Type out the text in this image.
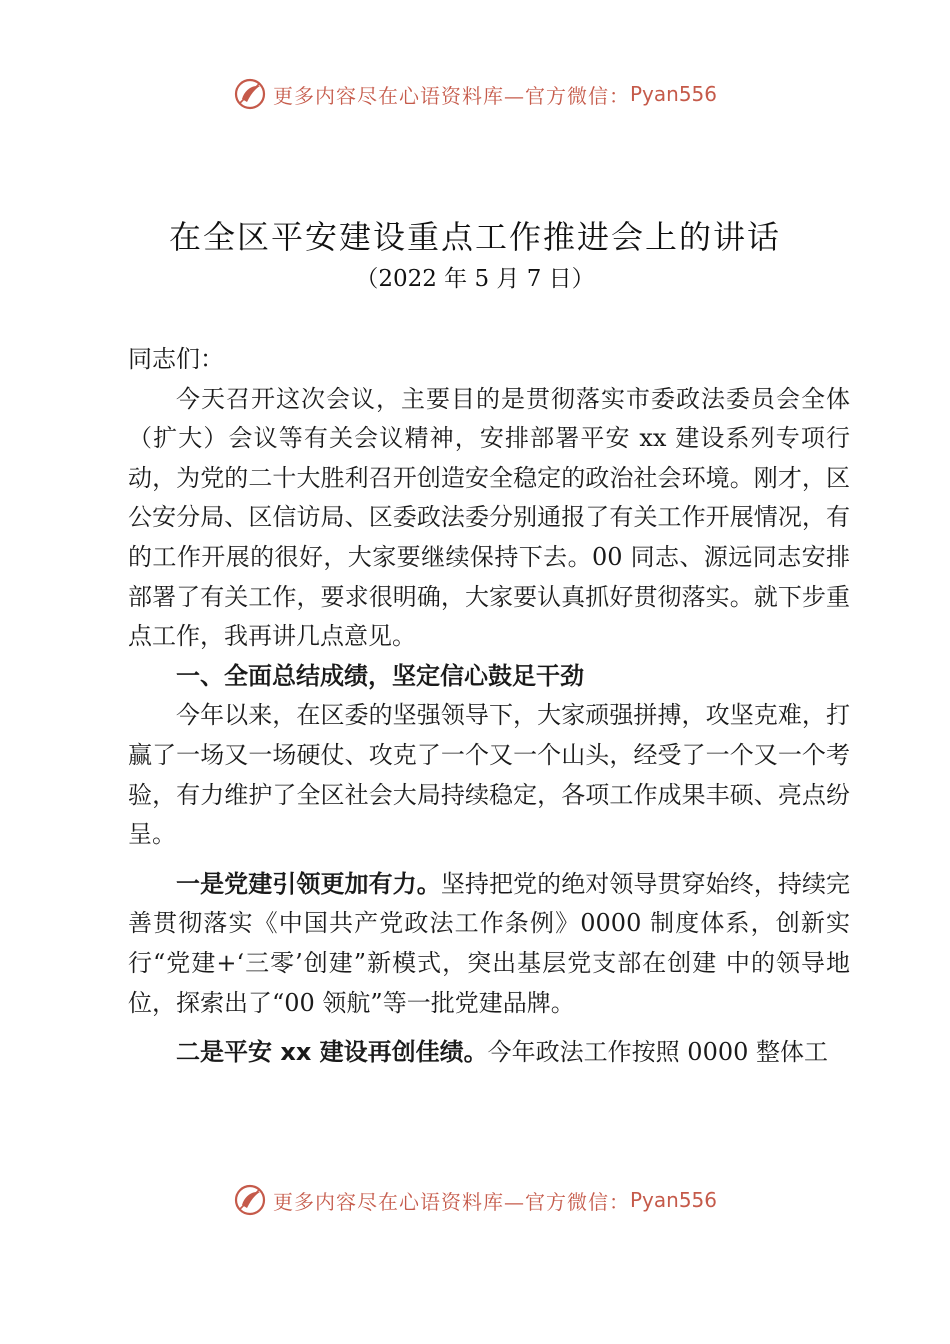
更多内容尽在心语资料库—官方微信： Pyan556
在全区平安建设重点工作推进会上的讲话
（2022 年 5 月 7 日）

同志们：

今天召开这次会议，主要目的是贯彻落实市委政法委员会全体（扩大）会议等有关会议精神，安排部署平安 xx 建设系列专项行动，为党的二十大胜利召开创造安全稳定的政治社会环境。刚才，区公安分局、区信访局、区委政法委分别通报了有关工作开展情况，有的工作开展的很好，大家要继续保持下去。00 同志、源远同志安排部署了有关工作，要求很明确，大家要认真抓好贯彻落实。就下步重点工作，我再讲几点意见。

一、全面总结成绩，坚定信心鼓足干劲

今年以来，在区委的坚强领导下，大家顽强拼搏，攻坚克难，打赢了一场又一场硬仗、攻克了一个又一个山头，经受了一个又一个考验，有力维护了全区社会大局持续稳定，各项工作成果丰硕、亮点纷呈。

一是党建引领更加有力。坚持把党的绝对领导贯穿始终，持续完善贯彻落实《中国共产党政法工作条例》0000 制度体系，创新实行“党建+‘三零’创建”新模式，突出基层党支部在创建 中的领导地位，探索出了“00 领航”等一批党建品牌。

二是平安 xx 建设再创佳绩。今年政法工作按照 0000 整体工

更多内容尽在心语资料库—官方微信： Pyan556
